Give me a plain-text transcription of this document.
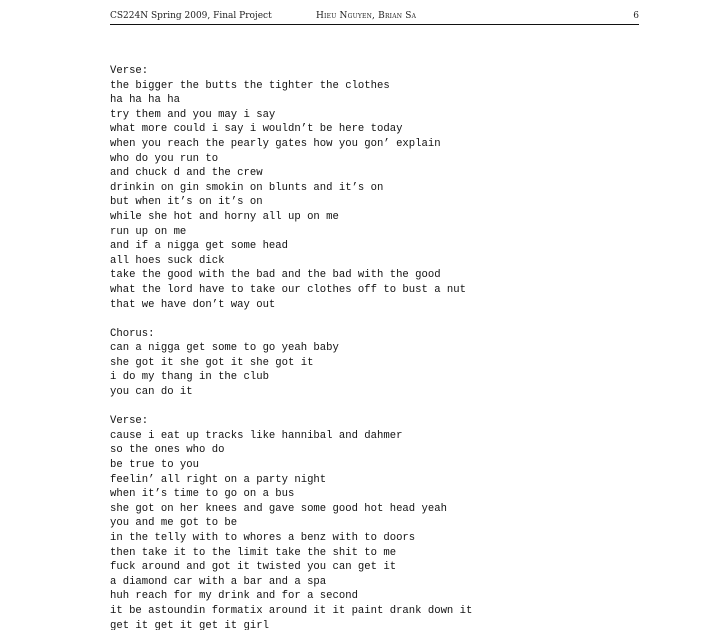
CS224N Spring 2009, Final Project	Hieu Nguyen, Brian Sa	6
Verse:
the bigger the butts the tighter the clothes
ha ha ha ha
try them and you may i say
what more could i say i wouldn’t be here today
when you reach the pearly gates how you gon’ explain
who do you run to
and chuck d and the crew
drinkin on gin smokin on blunts and it’s on
but when it’s on it’s on
while she hot and horny all up on me
run up on me
and if a nigga get some head
all hoes suck dick
take the good with the bad and the bad with the good
what the lord have to take our clothes off to bust a nut
that we have don’t way out
Chorus:
can a nigga get some to go yeah baby
she got it she got it she got it
i do my thang in the club
you can do it
Verse:
cause i eat up tracks like hannibal and dahmer
so the ones who do
be true to you
feelin’ all right on a party night
when it’s time to go on a bus
she got on her knees and gave some good hot head yeah
you and me got to be
in the telly with to whores a benz with to doors
then take it to the limit take the shit to me
fuck around and got it twisted you can get it
a diamond car with a bar and a spa
huh reach for my drink and for a second
it be astoundin formatix around it it paint drank down it
get it get it get it girl
